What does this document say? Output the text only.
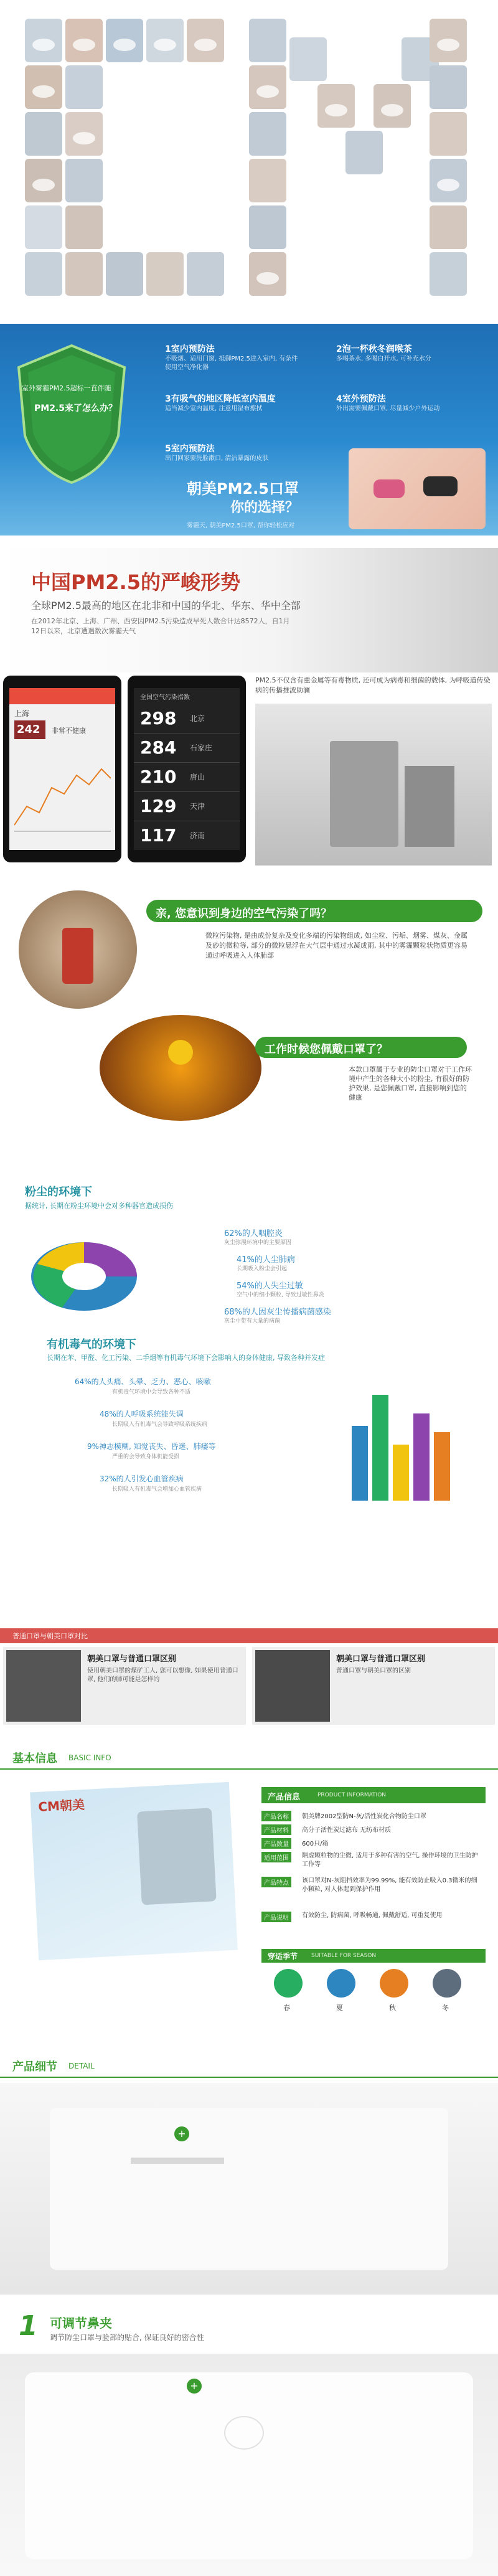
室外雾霾PM2.5超标一直伴随
PM2.5来了怎么办？
1室内预防法
不吸烟、适用门窗, 抵御PM2.5进入室内, 有条件使用空气净化器
2泡一杯秋冬润喉茶
多喝茶水, 多喝白开水, 可补充水分
3有吸气的地区降低室内温度
适当减少室内温度, 注意用湿布擦拭
4室外预防法
外出需要佩戴口罩, 尽量减少户外运动
5室内预防法
出门回家要洗脸漱口, 清洁暴露的皮肤
朝美PM2.5口罩
你的选择？
雾霾天, 朝美PM2.5口罩, 帮你轻松应对
中国PM2.5的严峻形势
全球PM2.5最高的地区在北非和中国的华北、华东、华中全部
在2012年北京、上海、广州、西安因PM2.5污染造成早死人数合计达8572人，自1月12日以来，北京遭遇数次雾霾天气
上海
242 非常不健康
全国空气污染指数
298 北京
284 石家庄
210 唐山
129 天津
117 济南
PM2.5不仅含有重金属等有毒物质, 还可成为病毒和细菌的载体, 为呼吸道传染病的传播推波助澜
亲, 您意识到身边的空气污染了吗？
微粒污染物, 是由成份复杂及变化多端的污染物组成, 如尘粒、污垢、烟雾、煤灰、金属及砂的微粒等, 部分的微粒悬浮在大气层中通过水凝成雨, 其中的雾霾颗粒状物质更容易通过呼吸进入人体肺部
工作时候您佩戴口罩了？
本款口罩属于专业的防尘口罩对于工作环境中产生的各种大小的粉尘, 有很好的防护效果, 是您佩戴口罩, 直接影响到您的健康
粉尘的环境下
据统计, 长期在粉尘环境中会对多种器官造成损伤
62%的人咽腔炎
灰尘弥漫环境中的主要原因
41%的人尘肺病
长期吸入粉尘会引起
54%的人失尘过敏
空气中的细小颗粒, 导致过敏性鼻炎
68%的人因灰尘传播病菌感染
灰尘中带有大量的病菌
有机毒气的环境下
长期在苯、甲醛、化工污染、二手烟等有机毒气环境下会影响人的身体健康, 导致各种并发症
64%的人头痛、头晕、乏力、恶心、咳嗽
有机毒气环境中会导致各种不适
48%的人呼吸系统能失调
长期吸入有机毒气会导致呼吸系统疾病
9%神志模糊, 知觉丧失、昏迷、肺痿等
严重的会导致身体机能受损
32%的人引发心血管疾病
长期吸入有机毒气会增加心血管疾病
普通口罩与朝美口罩对比
朝美口罩与普通口罩区别
使用朝美口罩的煤矿工人, 您可以想像, 如果使用普通口罩, 他们的肺可能是怎样的
朝美口罩与普通口罩区别
普通口罩与朝美口罩的区别
基本信息 BASIC INFO
CM朝美	产品信息	PRODUCT INFORMATION
产品名称	朝美牌2002型防N-灰/活性炭化合物防尘口罩
产品材料	高分子活性炭过滤布 无纺布材质
产品数量	600只/箱
适用范围	隔虚颗粒物的尘微, 适用于多种有害的空气, 操作环境的卫生防护工作等
产品特点	该口罩对N-灰阻挡效率为99.99%, 能有效防止吸入0.3微米的细小颗粒, 对人体起到保护作用
产品说明	有效防尘, 防病菌, 呼吸畅通, 佩戴舒适, 可重复使用
穿适季节 SUITABLE FOR SEASON
春	夏	秋	冬
产品细节 DETAIL
+
1 可调节鼻夹
调节防尘口罩与脸部的贴合, 保证良好的密合性
+
